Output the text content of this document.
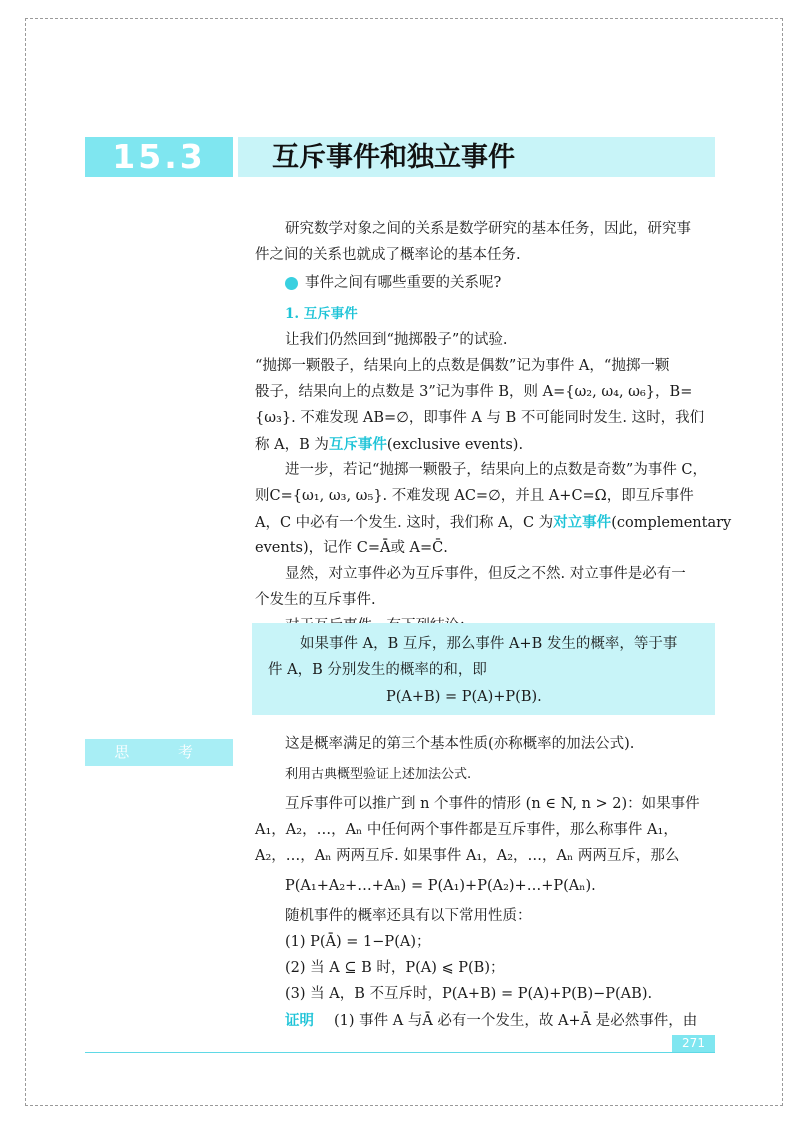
15.3	互斥事件和独立事件
研究数学对象之间的关系是数学研究的基本任务，因此，研究事
件之间的关系也就成了概率论的基本任务.
事件之间有哪些重要的关系呢?
1. 互斥事件
让我们仍然回到“抛掷骰子”的试验.
“抛掷一颗骰子，结果向上的点数是偶数”记为事件 A，“抛掷一颗
骰子，结果向上的点数是 3”记为事件 B，则 A={ω₂, ω₄, ω₆}，B=
{ω₃}. 不难发现 AB=∅，即事件 A 与 B 不可能同时发生. 这时，我们
称 A，B 为互斥事件(exclusive events).
进一步，若记“抛掷一颗骰子，结果向上的点数是奇数”为事件 C，
则C={ω₁, ω₃, ω₅}. 不难发现 AC=∅，并且 A+C=Ω，即互斥事件
A，C 中必有一个发生. 这时，我们称 A，C 为对立事件(complementary
events)，记作 C=Ā或 A=C̄.
显然，对立事件必为互斥事件，但反之不然. 对立事件是必有一
个发生的互斥事件.
如果事件 A，B 互斥，那么事件 A+B 发生的概率，等于事
件 A，B 分别发生的概率的和，即
P(A+B) = P(A)+P(B).
这是概率满足的第三个基本性质(亦称概率的加法公式).
思 考
利用古典概型验证上述加法公式.
互斥事件可以推广到 n 个事件的情形 (n ∈ N, n > 2)：如果事件
A₁，A₂，…，Aₙ 中任何两个事件都是互斥事件，那么称事件 A₁，
A₂，…，Aₙ 两两互斥. 如果事件 A₁，A₂，…，Aₙ 两两互斥，那么
P(A₁+A₂+…+Aₙ) = P(A₁)+P(A₂)+…+P(Aₙ).
随机事件的概率还具有以下常用性质：
(1) P(Ā) = 1−P(A)；
(2) 当 A ⊆ B 时，P(A) ⩽ P(B)；
(3) 当 A，B 不互斥时，P(A+B) = P(A)+P(B)−P(AB).
证明 (1) 事件 A 与Ā 必有一个发生，故 A+Ā 是必然事件，由
271
